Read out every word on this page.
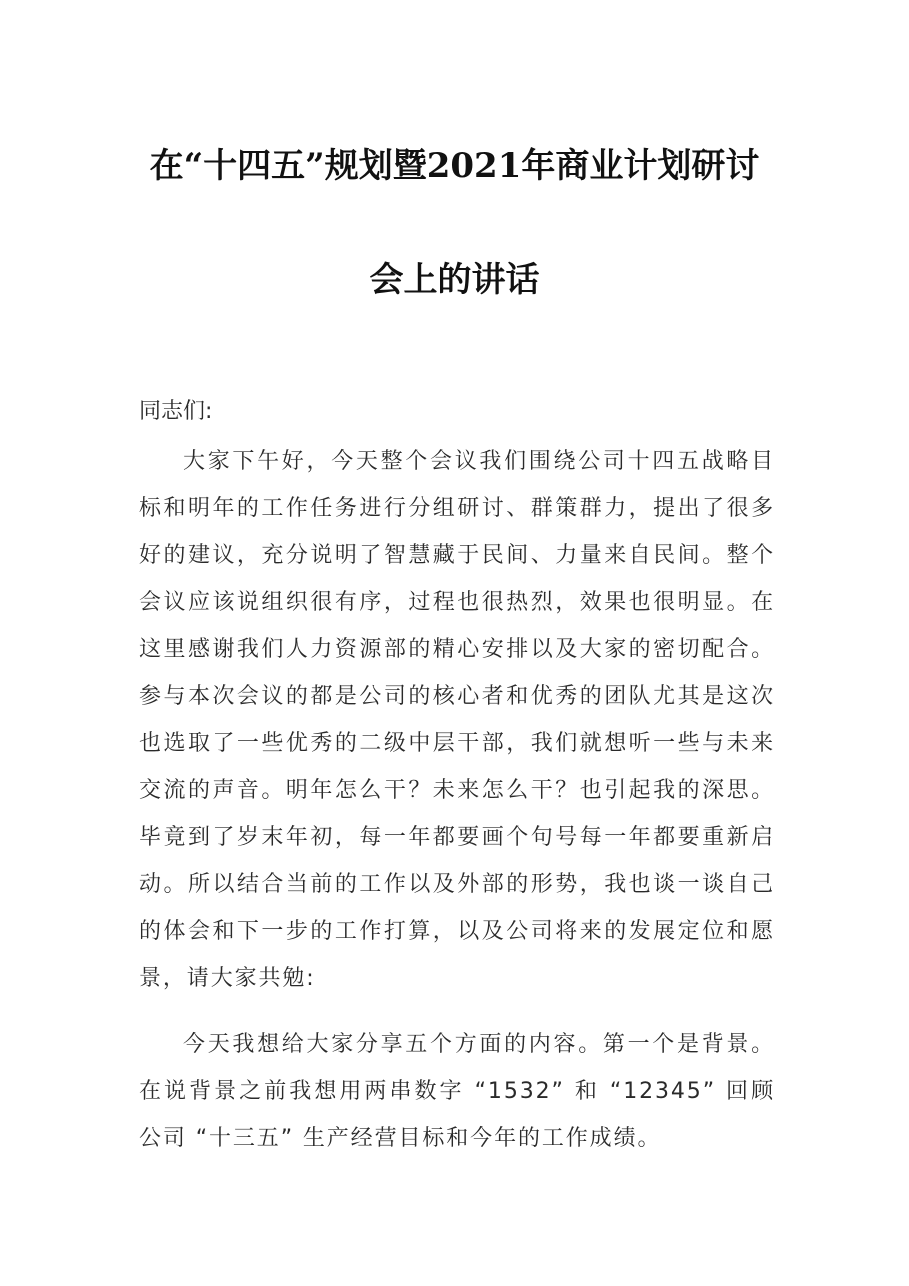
在“十四五”规划暨2021年商业计划研讨
会上的讲话
同志们:

大家下午好，今天整个会议我们围绕公司十四五战略目标和明年的工作任务进行分组研讨、群策群力，提出了很多好的建议，充分说明了智慧藏于民间、力量来自民间。整个会议应该说组织很有序，过程也很热烈，效果也很明显。在这里感谢我们人力资源部的精心安排以及大家的密切配合。参与本次会议的都是公司的核心者和优秀的团队尤其是这次也选取了一些优秀的二级中层干部，我们就想听一些与未来交流的声音。明年怎么干？未来怎么干？也引起我的深思。毕竟到了岁末年初，每一年都要画个句号每一年都要重新启动。所以结合当前的工作以及外部的形势，我也谈一谈自己的体会和下一步的工作打算，以及公司将来的发展定位和愿景，请大家共勉:

今天我想给大家分享五个方面的内容。第一个是背景。在说背景之前我想用两串数字 “1532” 和 “12345” 回顾公司 “十三五” 生产经营目标和今年的工作成绩。
